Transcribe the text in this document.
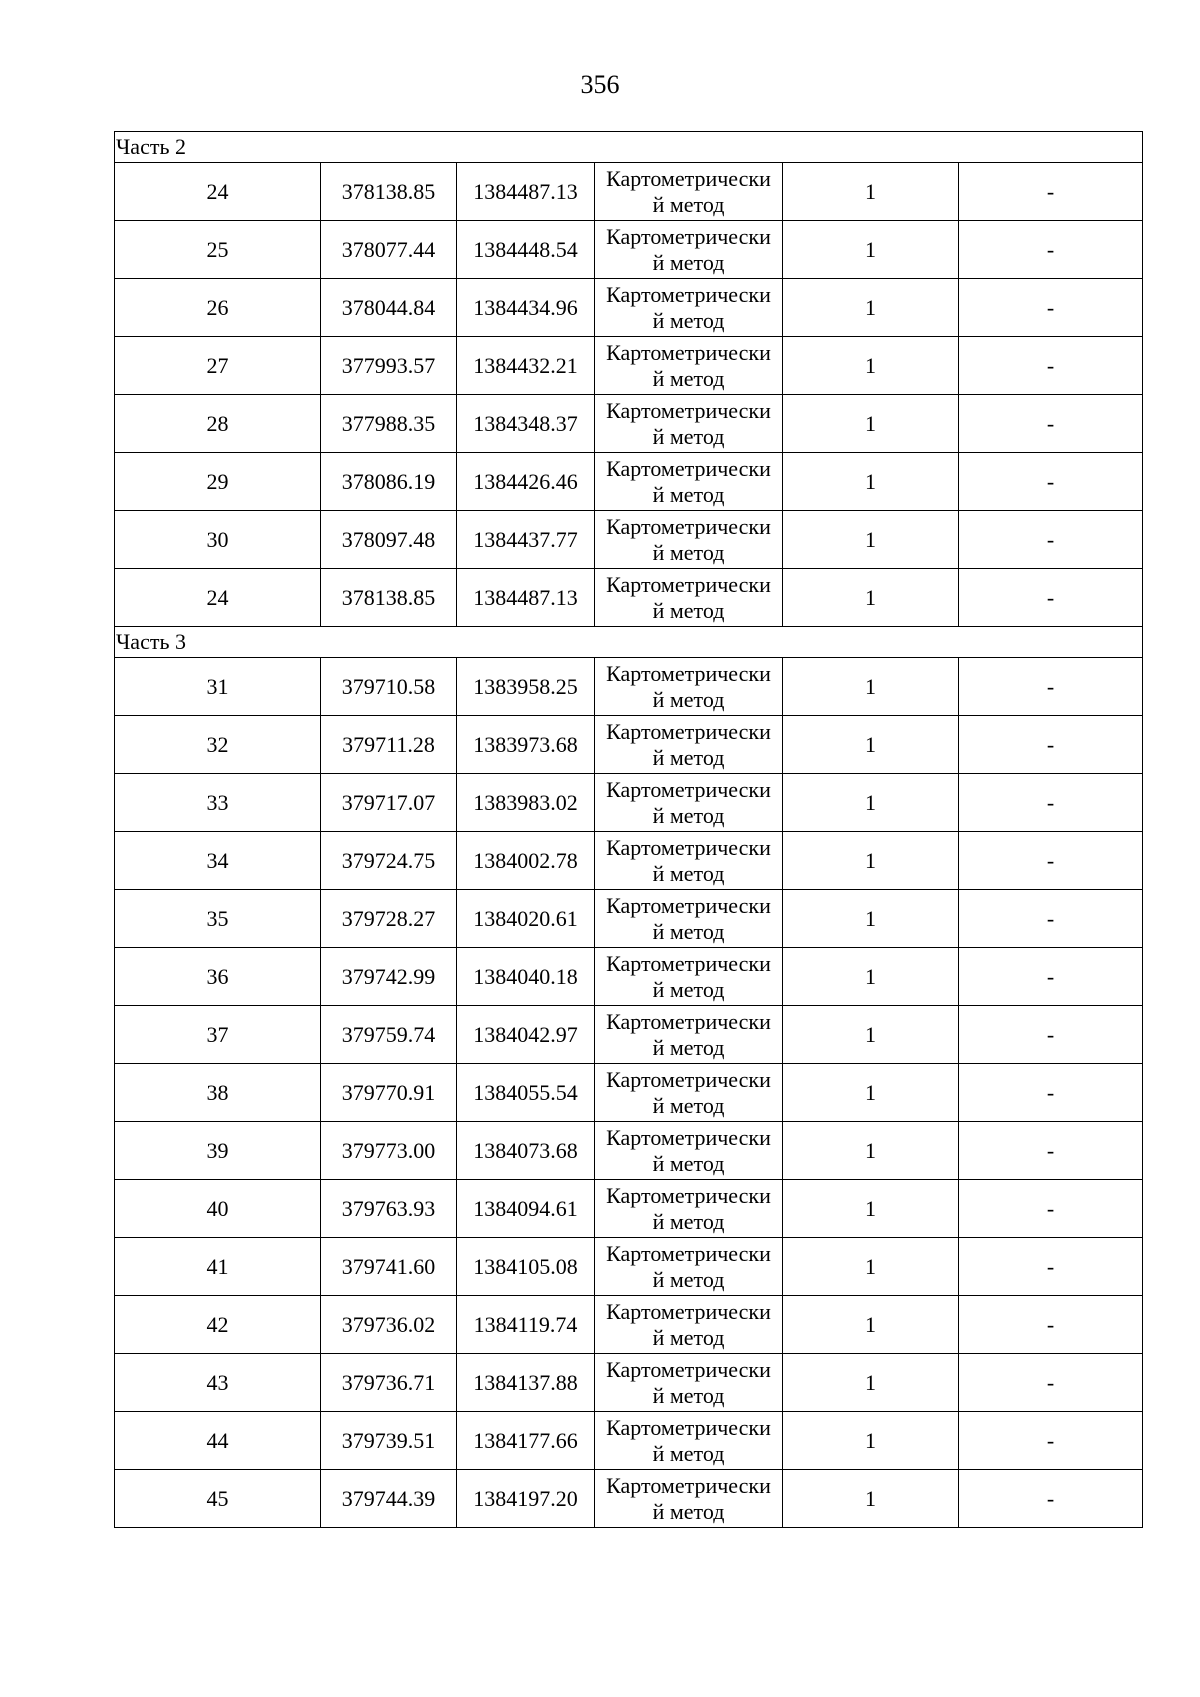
356
Часть 2					
24	378138.85	1384487.13	Картометрически
й метод	1	-
25	378077.44	1384448.54	Картометрически
й метод	1	-
26	378044.84	1384434.96	Картометрически
й метод	1	-
27	377993.57	1384432.21	Картометрически
й метод	1	-
28	377988.35	1384348.37	Картометрически
й метод	1	-
29	378086.19	1384426.46	Картометрически
й метод	1	-
30	378097.48	1384437.77	Картометрически
й метод	1	-
24	378138.85	1384487.13	Картометрически
й метод	1	-
Часть 3					
31	379710.58	1383958.25	Картометрически
й метод	1	-
32	379711.28	1383973.68	Картометрически
й метод	1	-
33	379717.07	1383983.02	Картометрически
й метод	1	-
34	379724.75	1384002.78	Картометрически
й метод	1	-
35	379728.27	1384020.61	Картометрически
й метод	1	-
36	379742.99	1384040.18	Картометрически
й метод	1	-
37	379759.74	1384042.97	Картометрически
й метод	1	-
38	379770.91	1384055.54	Картометрически
й метод	1	-
39	379773.00	1384073.68	Картометрически
й метод	1	-
40	379763.93	1384094.61	Картометрически
й метод	1	-
41	379741.60	1384105.08	Картометрически
й метод	1	-
42	379736.02	1384119.74	Картометрически
й метод	1	-
43	379736.71	1384137.88	Картометрически
й метод	1	-
44	379739.51	1384177.66	Картометрически
й метод	1	-
45	379744.39	1384197.20	Картометрически
й метод	1	-
